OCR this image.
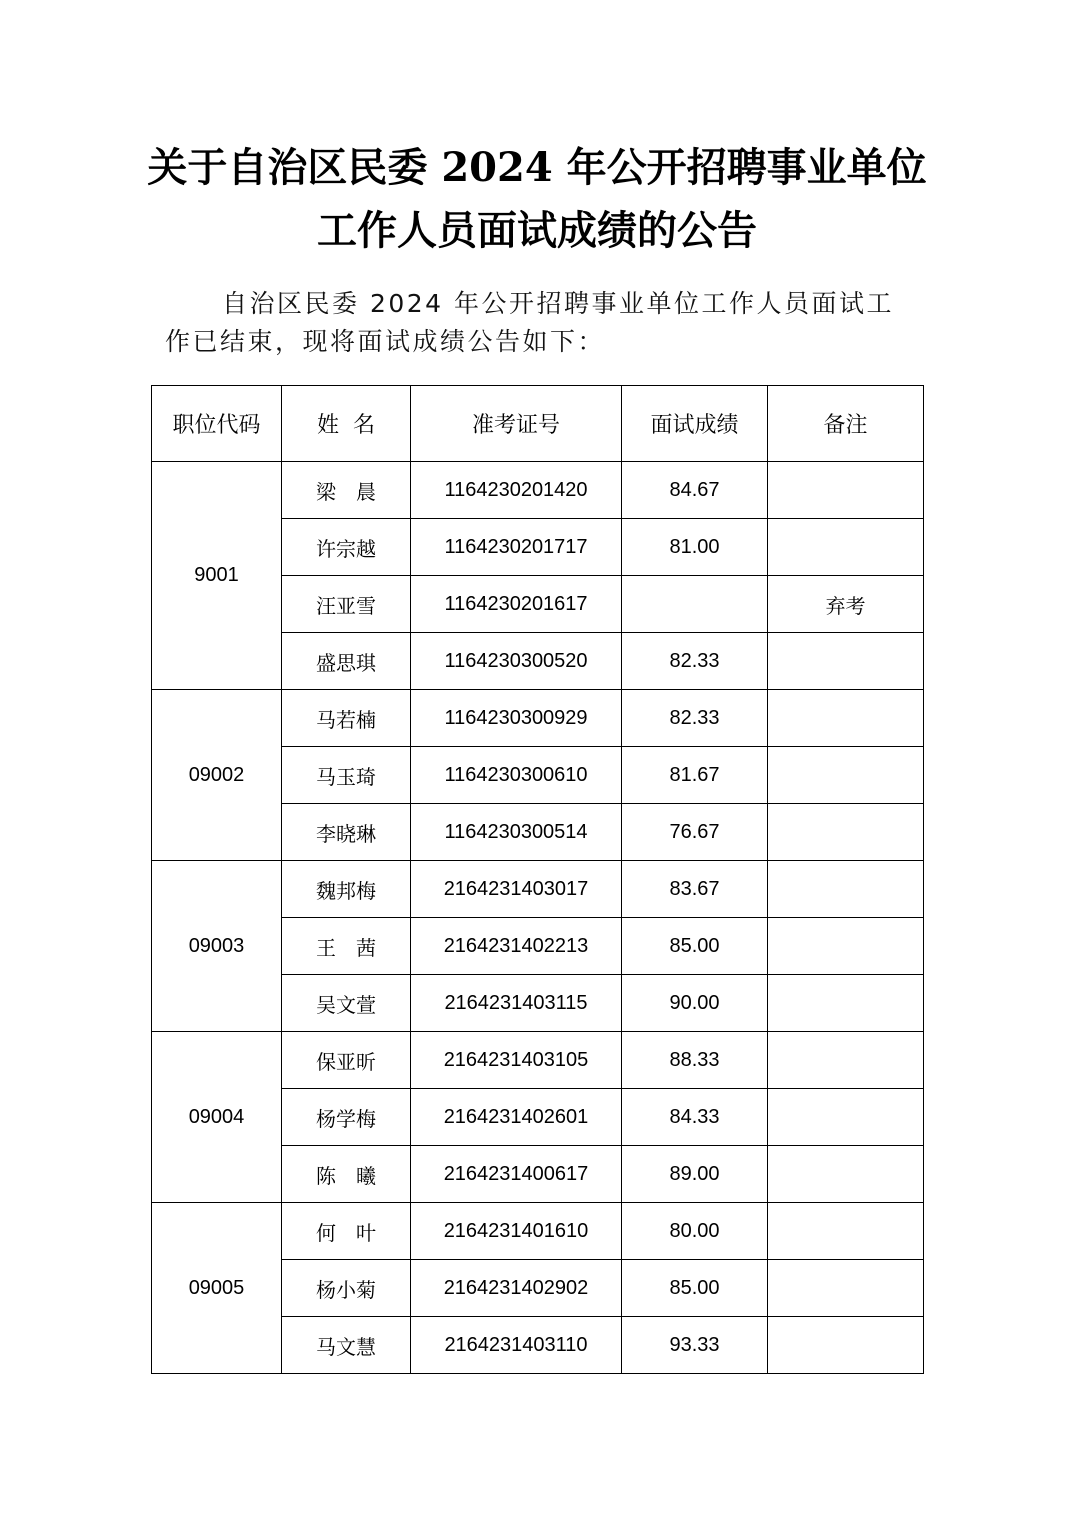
关于自治区民委 2024 年公开招聘事业单位
工作人员面试成绩的公告
自治区民委 2024 年公开招聘事业单位工作人员面试工
作已结束，现将面试成绩公告如下：
职位代码	姓  名	准考证号	面试成绩	备注
9001	梁　晨	1164230201420	84.67	
	许宗越	1164230201717	81.00	
	汪亚雪	1164230201617		弃考
	盛思琪	1164230300520	82.33	
09002	马若楠	1164230300929	82.33	
	马玉琦	1164230300610	81.67	
	李晓琳	1164230300514	76.67	
09003	魏邦梅	2164231403017	83.67	
	王　茜	2164231402213	85.00	
	吴文萱	2164231403115	90.00	
09004	保亚昕	2164231403105	88.33	
	杨学梅	2164231402601	84.33	
	陈　曦	2164231400617	89.00	
09005	何　叶	2164231401610	80.00	
	杨小菊	2164231402902	85.00	
	马文慧	2164231403110	93.33	
